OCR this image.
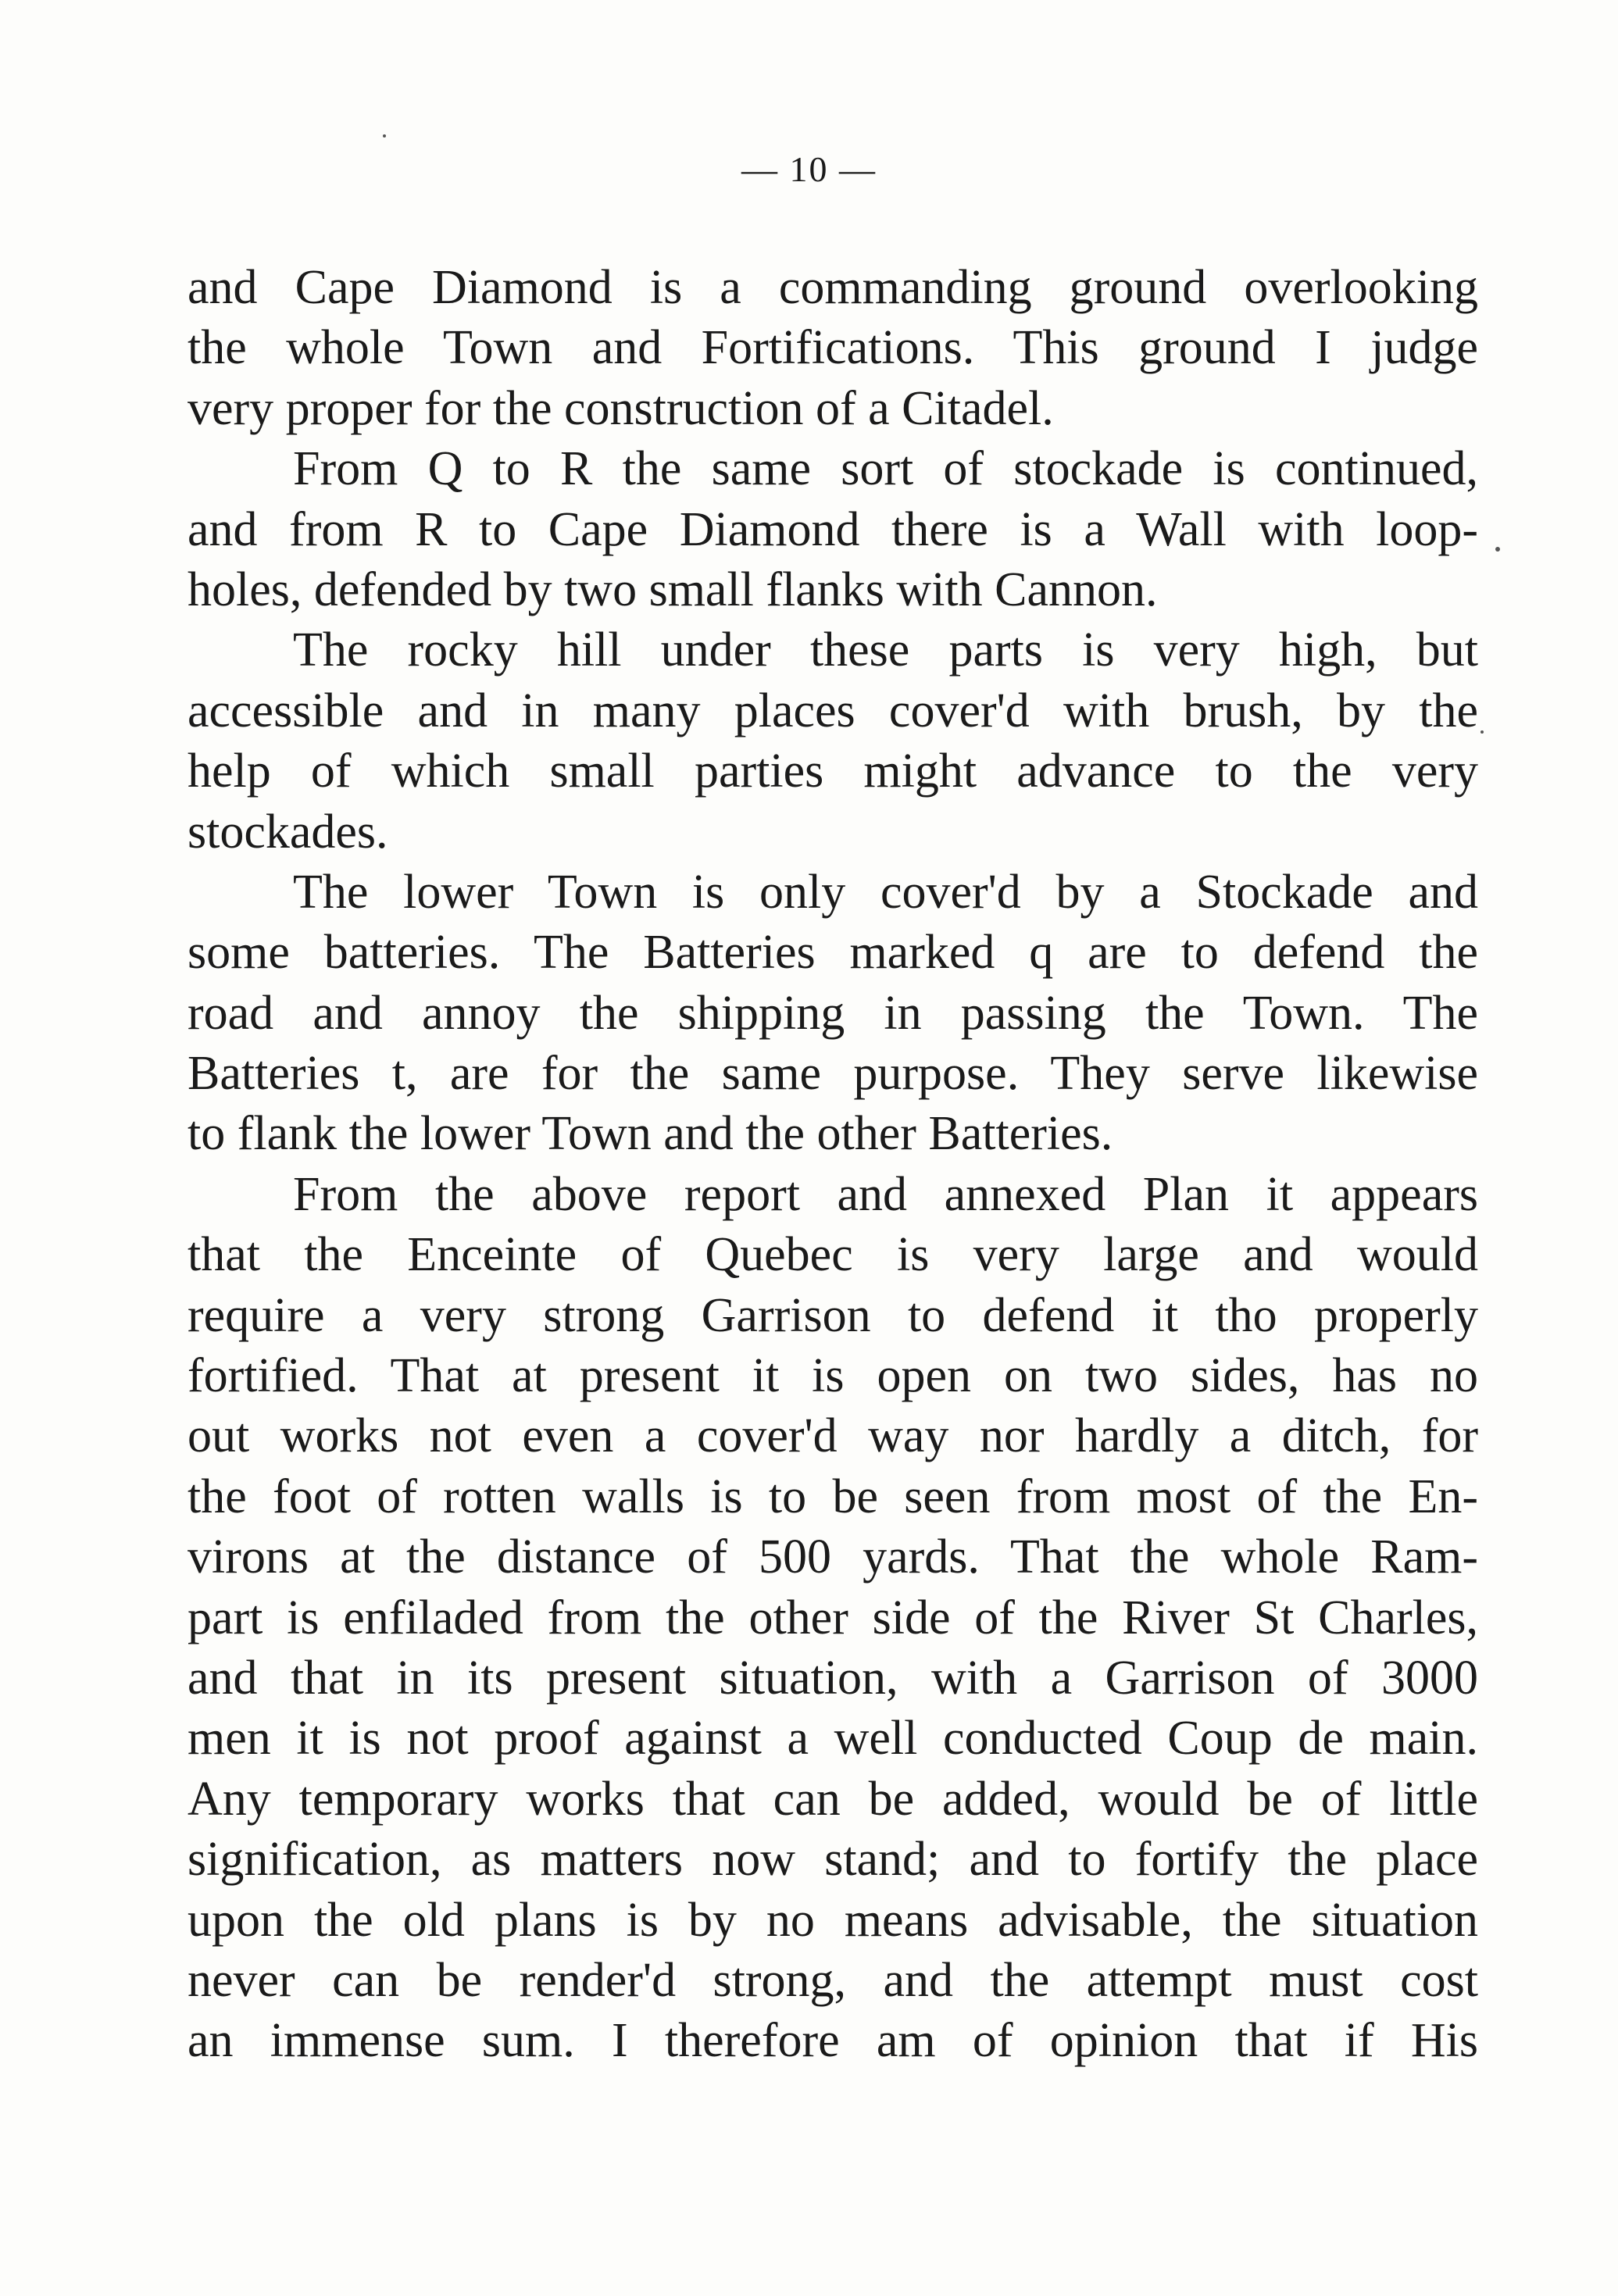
— 10 —
and Cape Diamond is a commanding ground overlooking
the whole Town and Fortifications. This ground I judge
very proper for the construction of a Citadel.
From Q to R the same sort of stockade is continued,
and from R to Cape Diamond there is a Wall with loop-
holes, defended by two small flanks with Cannon.
The rocky hill under these parts is very high, but
accessible and in many places cover'd with brush, by the
help of which small parties might advance to the very
stockades.
The lower Town is only cover'd by a Stockade and
some batteries. The Batteries marked q are to defend the
road and annoy the shipping in passing the Town. The
Batteries t, are for the same purpose. They serve likewise
to flank the lower Town and the other Batteries.
From the above report and annexed Plan it appears
that the Enceinte of Quebec is very large and would
require a very strong Garrison to defend it tho properly
fortified. That at present it is open on two sides, has no
out works not even a cover'd way nor hardly a ditch, for
the foot of rotten walls is to be seen from most of the En-
virons at the distance of 500 yards. That the whole Ram-
part is enfiladed from the other side of the River St Charles,
and that in its present situation, with a Garrison of 3000
men it is not proof against a well conducted Coup de main.
Any temporary works that can be added, would be of little
signification, as matters now stand; and to fortify the place
upon the old plans is by no means advisable, the situation
never can be render'd strong, and the attempt must cost
an immense sum. I therefore am of opinion that if His
